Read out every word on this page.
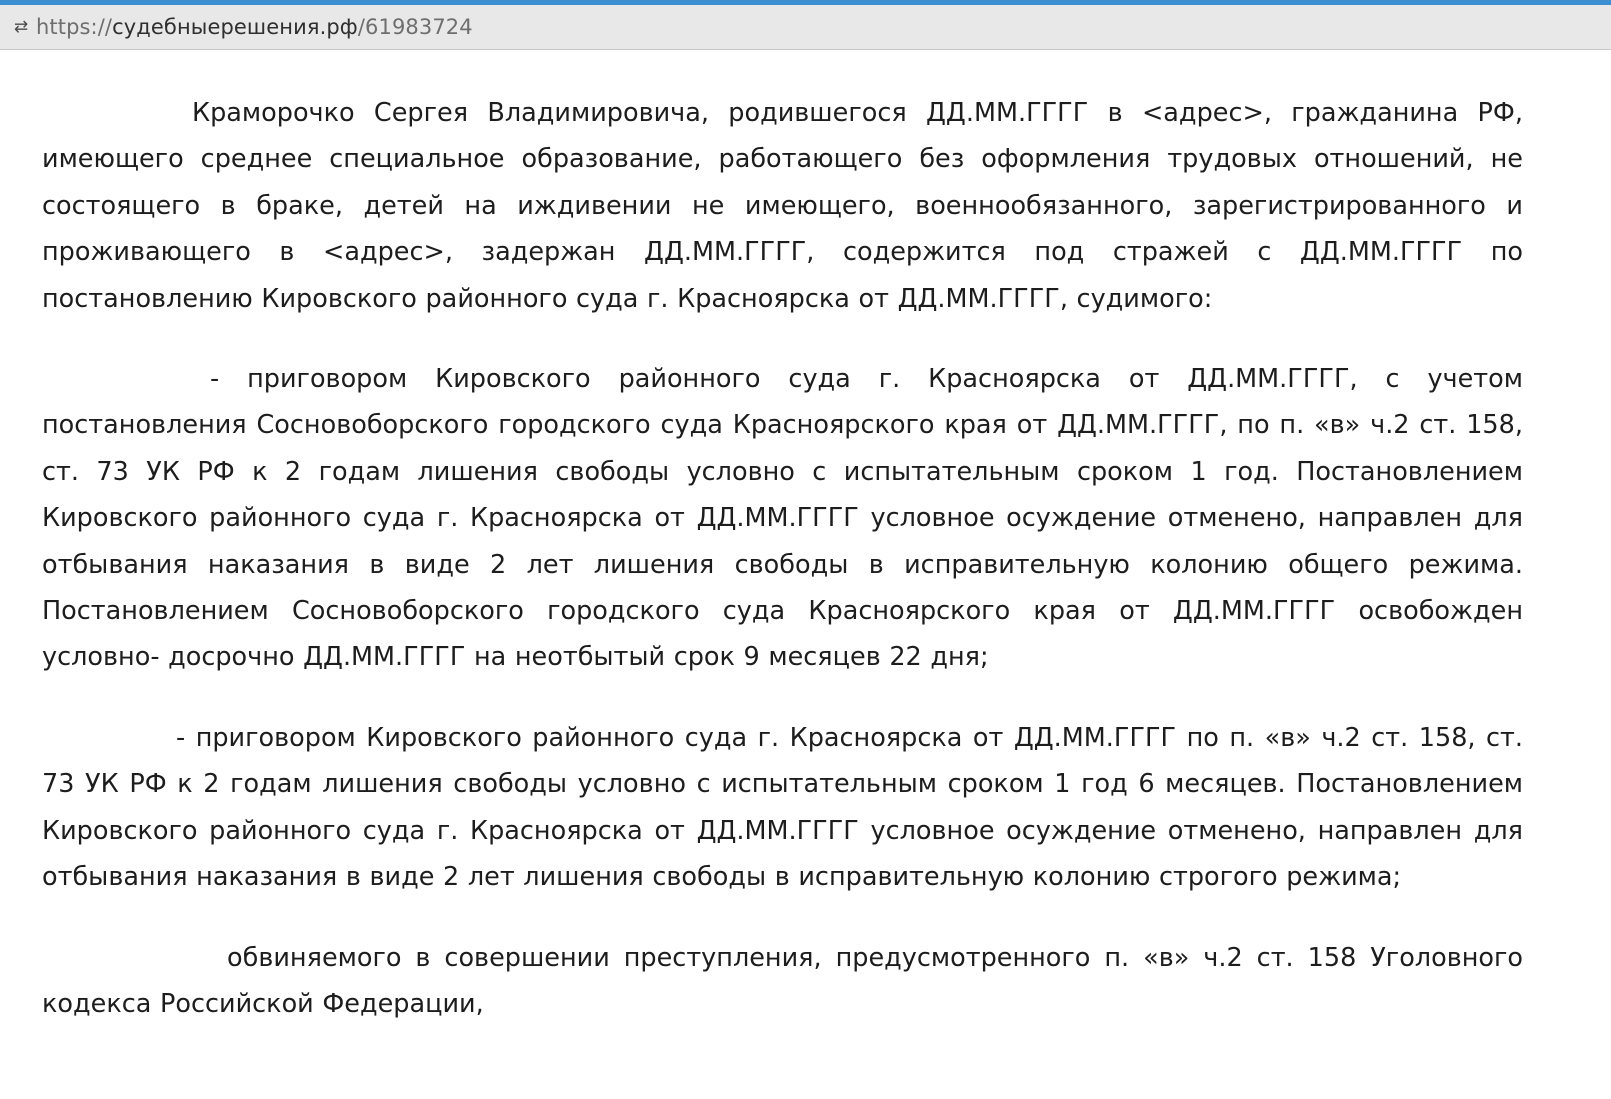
⇄ https://судебныерешения.рф/61983724

Краморочко Сергея Владимировича, родившегося ДД.ММ.ГГГГ в <адрес>, гражданина РФ, имеющего среднее специальное образование, работающего без оформления трудовых отношений, не состоящего в браке, детей на иждивении не имеющего, военнообязанного, зарегистрированного и проживающего в <адрес>, задержан ДД.ММ.ГГГГ, содержится под стражей с ДД.ММ.ГГГГ по постановлению Кировского районного суда г. Красноярска от ДД.ММ.ГГГГ, судимого:

- приговором Кировского районного суда г. Красноярска от ДД.ММ.ГГГГ, с учетом постановления Сосновоборского городского суда Красноярского края от ДД.ММ.ГГГГ, по п. «в» ч.2 ст. 158, ст. 73 УК РФ к 2 годам лишения свободы условно с испытательным сроком 1 год. Постановлением Кировского районного суда г. Красноярска от ДД.ММ.ГГГГ условное осуждение отменено, направлен для отбывания наказания в виде 2 лет лишения свободы в исправительную колонию общего режима. Постановлением Сосновоборского городского суда Красноярского края от ДД.ММ.ГГГГ освобожден условно- досрочно ДД.ММ.ГГГГ на неотбытый срок 9 месяцев 22 дня;

- приговором Кировского районного суда г. Красноярска от ДД.ММ.ГГГГ по п. «в» ч.2 ст. 158, ст. 73 УК РФ к 2 годам лишения свободы условно с испытательным сроком 1 год 6 месяцев. Постановлением Кировского районного суда г. Красноярска от ДД.ММ.ГГГГ условное осуждение отменено, направлен для отбывания наказания в виде 2 лет лишения свободы в исправительную колонию строгого режима;

обвиняемого в совершении преступления, предусмотренного п. «в» ч.2 ст. 158 Уголовного кодекса Российской Федерации,
